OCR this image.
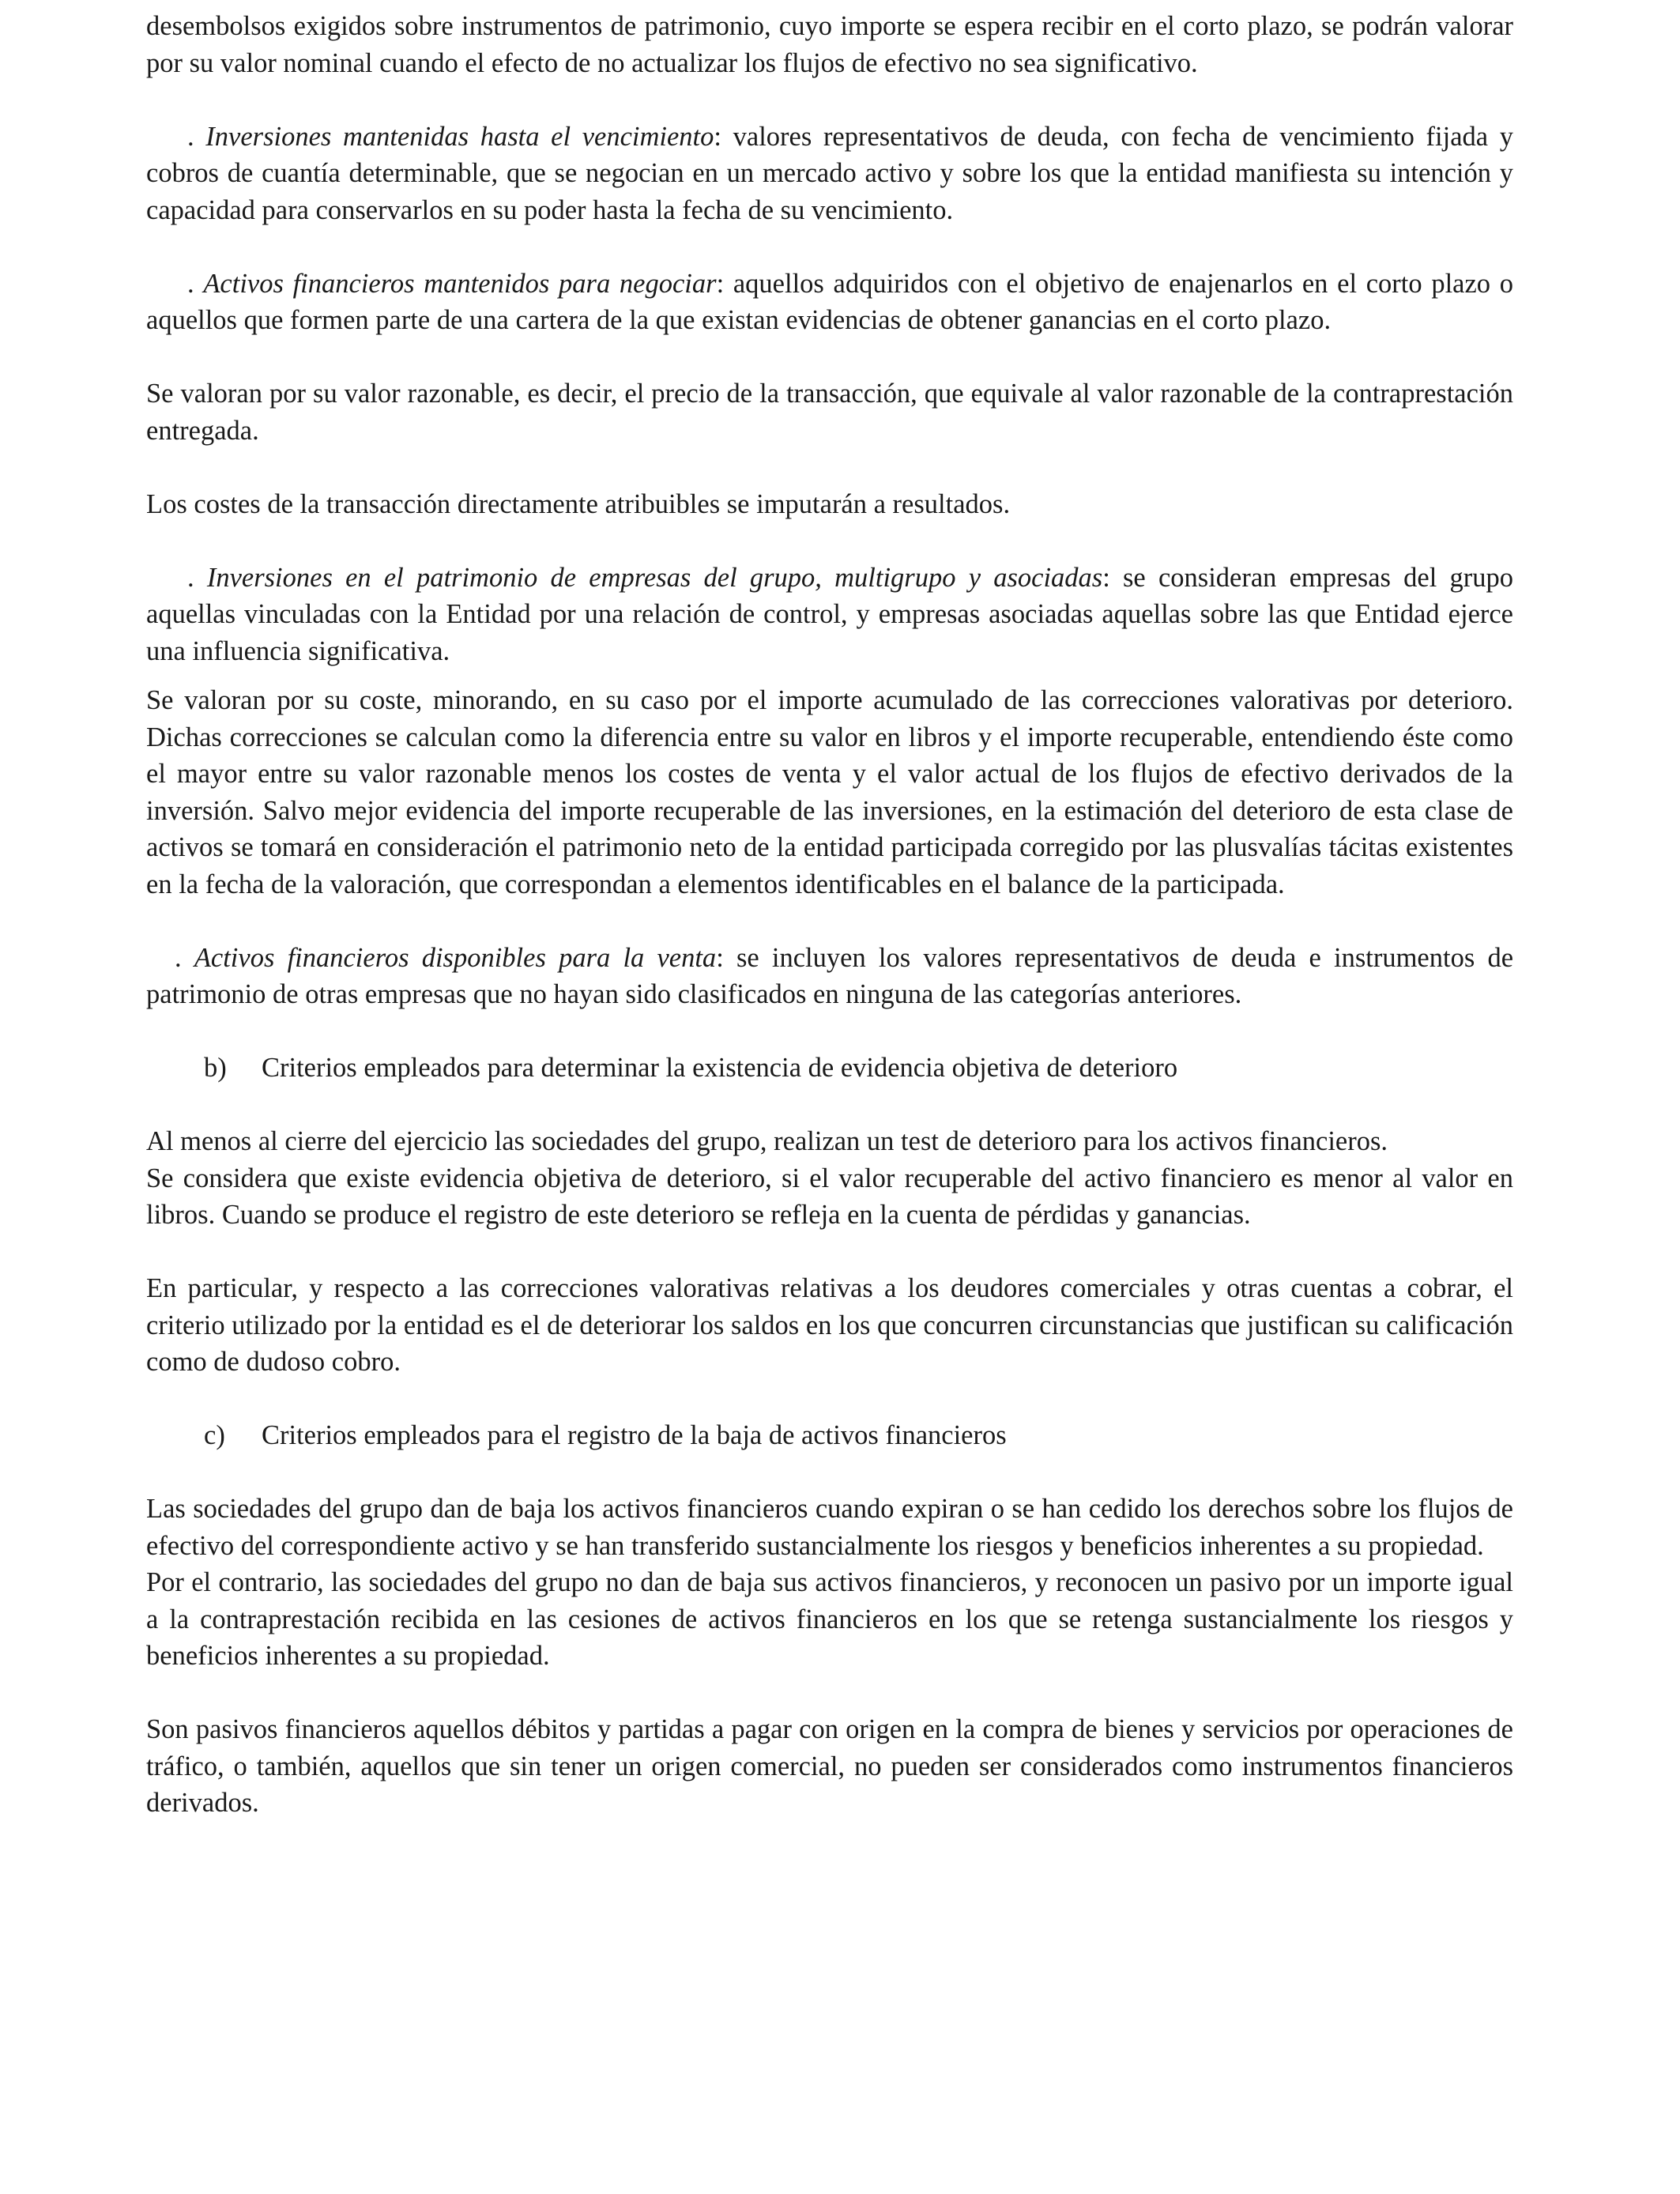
desembolsos exigidos sobre instrumentos de patrimonio, cuyo importe se espera recibir en el corto plazo, se podrán valorar por su valor nominal cuando el efecto de no actualizar los flujos de efectivo no sea significativo.

. Inversiones mantenidas hasta el vencimiento: valores representativos de deuda, con fecha de vencimiento fijada y cobros de cuantía determinable, que se negocian en un mercado activo y sobre los que la entidad manifiesta su intención y capacidad para conservarlos en su poder hasta la fecha de su vencimiento.

. Activos financieros mantenidos para negociar: aquellos adquiridos con el objetivo de enajenarlos en el corto plazo o aquellos que formen parte de una cartera de la que existan evidencias de obtener ganancias en el corto plazo.

Se valoran por su valor razonable, es decir, el precio de la transacción, que equivale al valor razonable de la contraprestación entregada.

Los costes de la transacción directamente atribuibles se imputarán a resultados.

. Inversiones en el patrimonio de empresas del grupo, multigrupo y asociadas: se consideran empresas del grupo aquellas vinculadas con la Entidad por una relación de control, y empresas asociadas aquellas sobre las que Entidad ejerce una influencia significativa.

Se valoran por su coste, minorando, en su caso por el importe acumulado de las correcciones valorativas por deterioro. Dichas correcciones se calculan como la diferencia entre su valor en libros y el importe recuperable, entendiendo éste como el mayor entre su valor razonable menos los costes de venta y el valor actual de los flujos de efectivo derivados de la inversión. Salvo mejor evidencia del importe recuperable de las inversiones, en la estimación del deterioro de esta clase de activos se tomará en consideración el patrimonio neto de la entidad participada corregido por las plusvalías tácitas existentes en la fecha de la valoración, que correspondan a elementos identificables en el balance de la participada.

. Activos financieros disponibles para la venta: se incluyen los valores representativos de deuda e instrumentos de patrimonio de otras empresas que no hayan sido clasificados en ninguna de las categorías anteriores.

b)	Criterios empleados para determinar la existencia de evidencia objetiva de deterioro

Al menos al cierre del ejercicio las sociedades del grupo, realizan un test de deterioro para los activos financieros.

Se considera que existe evidencia objetiva de deterioro, si el valor recuperable del activo financiero es menor al valor en libros. Cuando se produce el registro de este deterioro se refleja en la cuenta de pérdidas y ganancias.

En particular, y respecto a las correcciones valorativas relativas a los deudores comerciales y otras cuentas a cobrar, el criterio utilizado por la entidad es el de deteriorar los saldos en los que concurren circunstancias que justifican su calificación como de dudoso cobro.

c)	Criterios empleados para el registro de la baja de activos financieros

Las sociedades del grupo dan de baja los activos financieros cuando expiran o se han cedido los derechos sobre los flujos de efectivo del correspondiente activo y se han transferido sustancialmente los riesgos y beneficios inherentes a su propiedad.

Por el contrario, las sociedades del grupo no dan de baja sus activos financieros, y reconocen un pasivo por un importe igual a la contraprestación recibida en las cesiones de activos financieros en los que se retenga sustancialmente los riesgos y beneficios inherentes a su propiedad.

Son pasivos financieros aquellos débitos y partidas a pagar con origen en la compra de bienes y servicios por operaciones de tráfico, o también, aquellos que sin tener un origen comercial, no pueden ser considerados como instrumentos financieros derivados.
